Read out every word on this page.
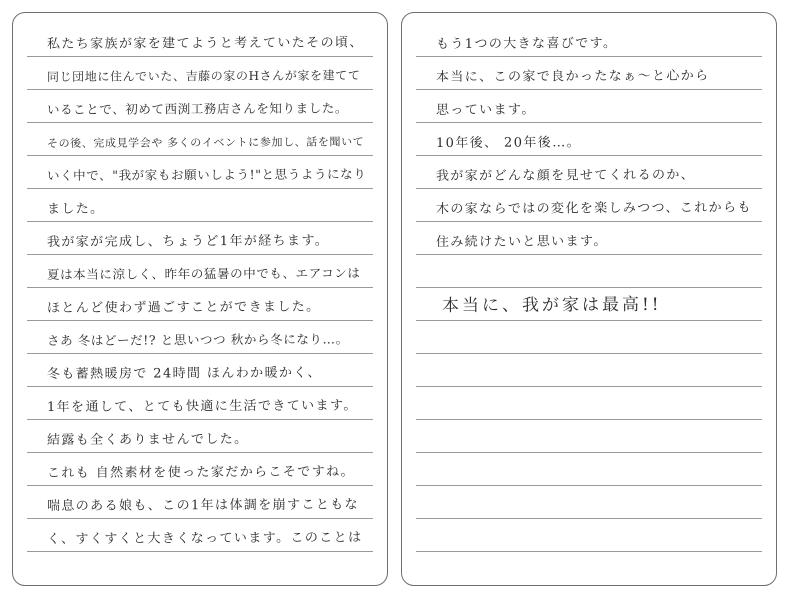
私たち家族が家を建てようと考えていたその頃、
同じ団地に住んでいた、吉藤の家のHさんが家を建てて
いることで、初めて西渕工務店さんを知りました。
その後、完成見学会や 多くのイベントに参加し、話を聞いて
いく中で、"我が家もお願いしよう!"と思うようになり
ました。
我が家が完成し、ちょうど1年が経ちます。
夏は本当に涼しく、昨年の猛暑の中でも、エアコンは
ほとんど使わず過ごすことができました。
さあ 冬はどーだ!? と思いつつ 秋から冬になり…。
冬も蓄熱暖房で 24時間 ほんわか暖かく、
1年を通して、とても快適に生活できています。
結露も全くありませんでした。
これも 自然素材を使った家だからこそですね。
喘息のある娘も、この1年は体調を崩すこともな
く、すくすくと大きくなっています。このことは
もう1つの大きな喜びです。
本当に、この家で良かったなぁ〜と心から
思っています。
10年後、 20年後…。
我が家がどんな顔を見せてくれるのか、
木の家ならではの変化を楽しみつつ、これからも
住み続けたいと思います。
本当に、我が家は最高!!
